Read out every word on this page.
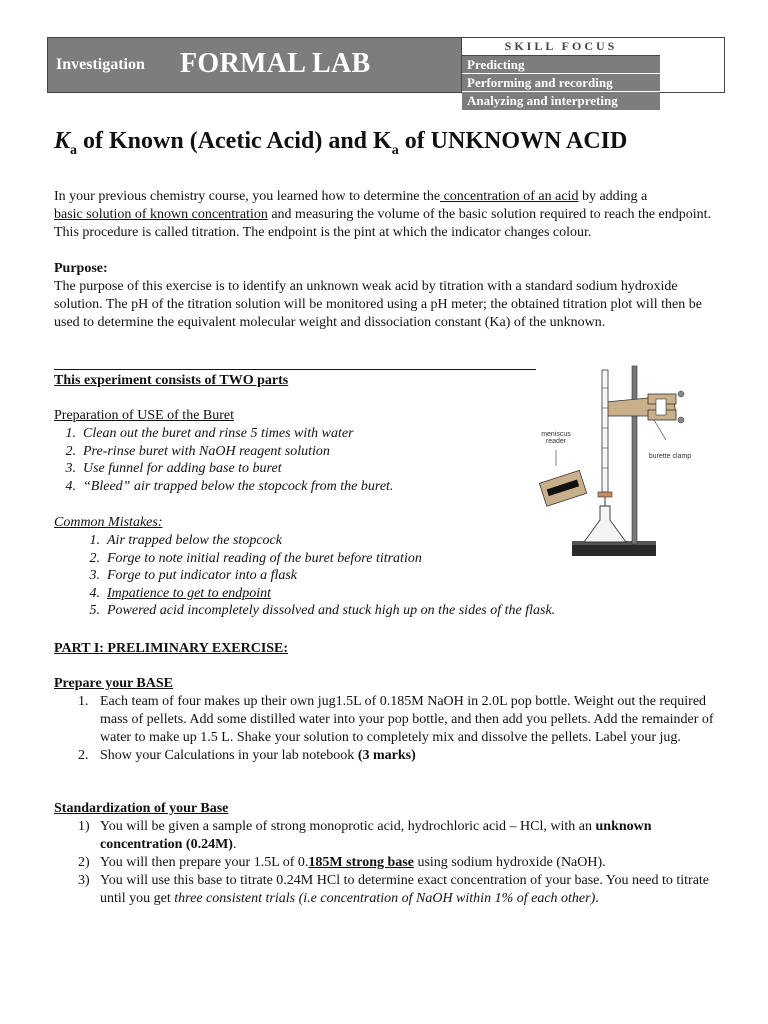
Investigation FORMAL LAB
SKILL FOCUS
Predicting
Performing and recording
Analyzing and interpreting
$K_a$ of Known (Acetic Acid) and $K_a$ of UNKNOWN ACID
In your previous chemistry course, you learned how to determine the concentration of an acid by adding a
basic solution of known concentration and measuring the volume of the basic solution required to reach the endpoint. This procedure is called titration. The endpoint is the pint at which the indicator changes colour.
Purpose:
The purpose of this exercise is to identify an unknown weak acid by titration with a standard sodium hydroxide solution. The pH of the titration solution will be monitored using a pH meter; the obtained titration plot will then be used to determine the equivalent molecular weight and dissociation constant (Ka) of the unknown.
This experiment consists of TWO parts
Preparation of USE of the Buret
1. Clean out the buret and rinse 5 times with water
2. Pre-rinse buret with NaOH reagent solution
3. Use funnel for adding base to buret
4. “Bleed” air trapped below the stopcock from the buret.
meniscus reader
burette clamp
Common Mistakes:
1. Air trapped below the stopcock
2. Forge to note initial reading of the buret before titration
3. Forge to put indicator into a flask
4. Impatience to get to endpoint
5. Powered acid incompletely dissolved and stuck high up on the sides of the flask.
PART I: PRELIMINARY EXERCISE:
Prepare your BASE
1. Each team of four makes up their own jug1.5L of 0.185M NaOH in 2.0L pop bottle. Weight out the required mass of pellets. Add some distilled water into your pop bottle, and then add you pellets. Add the remainder of water to make up 1.5 L. Shake your solution to completely mix and dissolve the pellets. Label your jug.
2. Show your Calculations in your lab notebook (3 marks)
Standardization of your Base
1) You will be given a sample of strong monoprotic acid, hydrochloric acid – HCl, with an unknown concentration (0.24M).
2) You will then prepare your 1.5L of 0.185M strong base using sodium hydroxide (NaOH).
3) You will use this base to titrate 0.24M HCl to determine exact concentration of your base. You need to titrate until you get three consistent trials (i.e concentration of NaOH within 1% of each other).
